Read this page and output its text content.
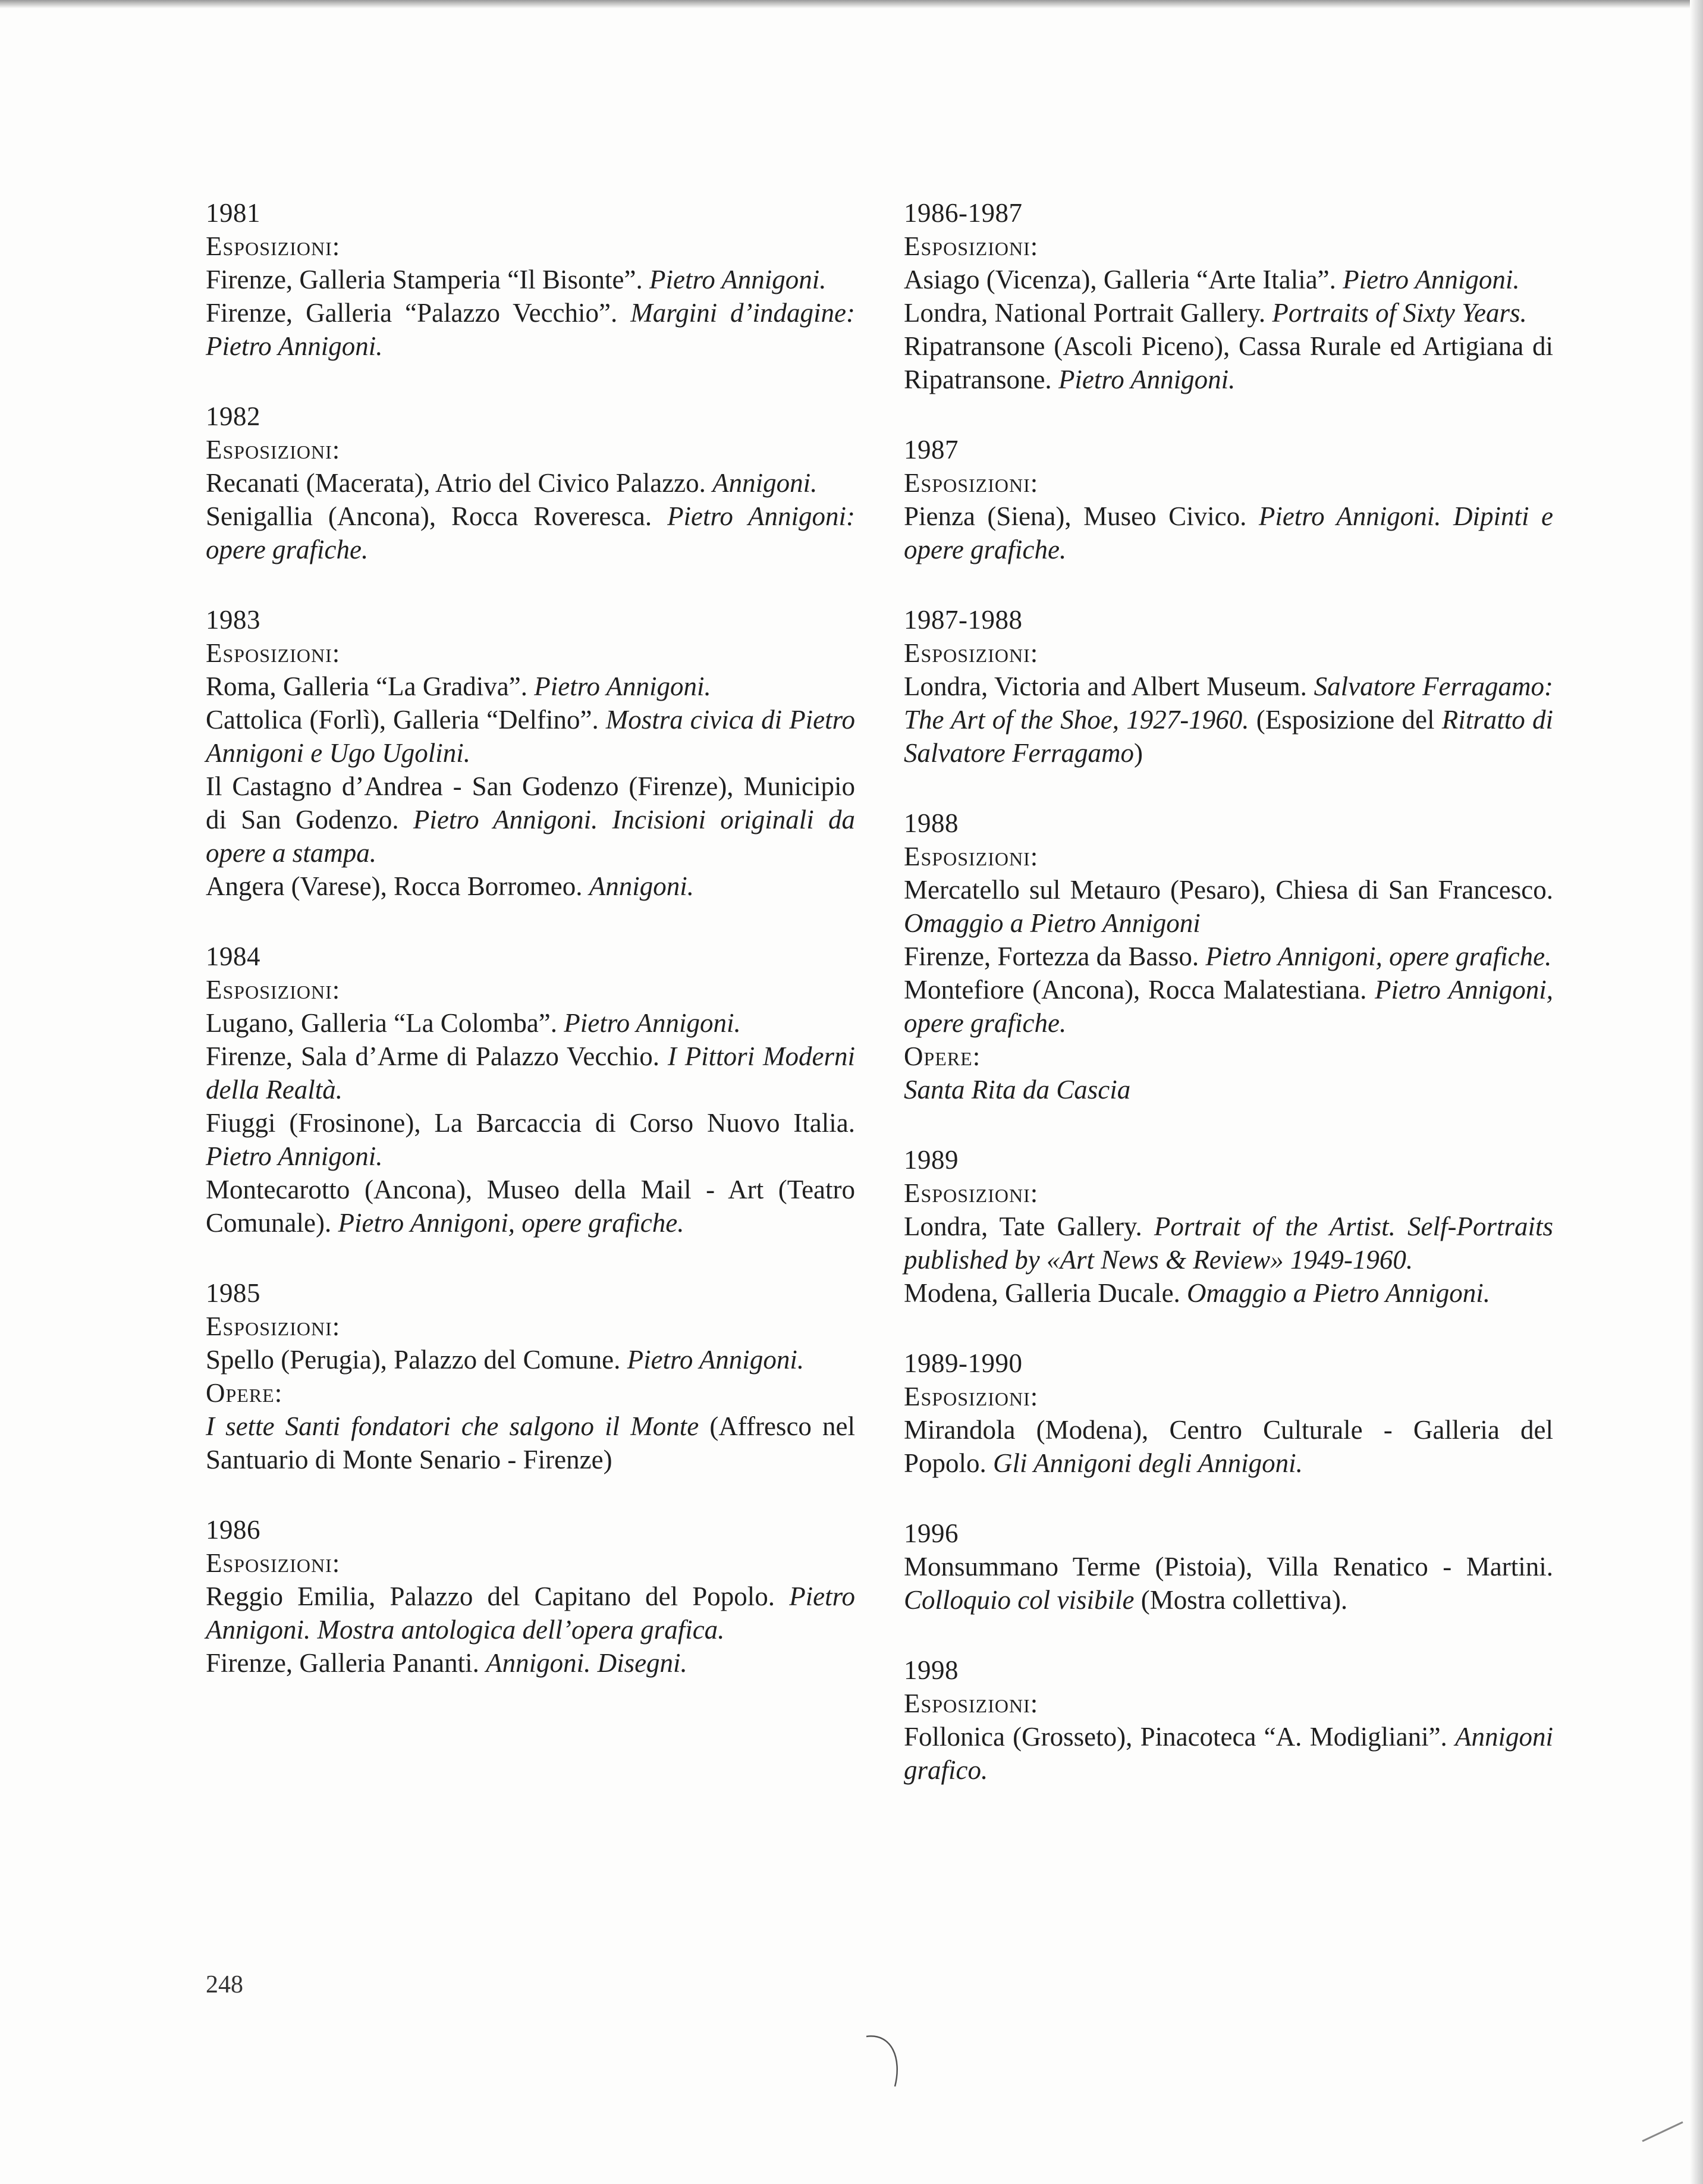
1981
Esposizioni:
Firenze, Galleria Stamperia “Il Bisonte”. Pietro Annigoni.
Firenze, Galleria “Palazzo Vecchio”. Margini d’indagine: Pietro Annigoni.
1982
Esposizioni:
Recanati (Macerata), Atrio del Civico Palazzo. Annigoni.
Senigallia (Ancona), Rocca Roveresca. Pietro Annigoni: opere grafiche.
1983
Esposizioni:
Roma, Galleria “La Gradiva”. Pietro Annigoni.
Cattolica (Forlì), Galleria “Delfino”. Mostra civica di Pietro Annigoni e Ugo Ugolini.
Il Castagno d’Andrea - San Godenzo (Firenze), Municipio di San Godenzo. Pietro Annigoni. Incisioni originali da opere a stampa.
Angera (Varese), Rocca Borromeo. Annigoni.
1984
Esposizioni:
Lugano, Galleria “La Colomba”. Pietro Annigoni.
Firenze, Sala d’Arme di Palazzo Vecchio. I Pittori Moderni della Realtà.
Fiuggi (Frosinone), La Barcaccia di Corso Nuovo Italia. Pietro Annigoni.
Montecarotto (Ancona), Museo della Mail - Art (Teatro Comunale). Pietro Annigoni, opere grafiche.
1985
Esposizioni:
Spello (Perugia), Palazzo del Comune. Pietro Annigoni.
Opere:
I sette Santi fondatori che salgono il Monte (Affresco nel Santuario di Monte Senario - Firenze)
1986
Esposizioni:
Reggio Emilia, Palazzo del Capitano del Popolo. Pietro Annigoni. Mostra antologica dell’opera grafica.
Firenze, Galleria Pananti. Annigoni. Disegni.
1986-1987
Esposizioni:
Asiago (Vicenza), Galleria “Arte Italia”. Pietro Annigoni.
Londra, National Portrait Gallery. Portraits of Sixty Years.
Ripatransone (Ascoli Piceno), Cassa Rurale ed Artigiana di Ripatransone. Pietro Annigoni.
1987
Esposizioni:
Pienza (Siena), Museo Civico. Pietro Annigoni. Dipinti e opere grafiche.
1987-1988
Esposizioni:
Londra, Victoria and Albert Museum. Salvatore Ferragamo: The Art of the Shoe, 1927-1960. (Esposizione del Ritratto di Salvatore Ferragamo)
1988
Esposizioni:
Mercatello sul Metauro (Pesaro), Chiesa di San Francesco. Omaggio a Pietro Annigoni
Firenze, Fortezza da Basso. Pietro Annigoni, opere grafiche.
Montefiore (Ancona), Rocca Malatestiana. Pietro Annigoni, opere grafiche.
Opere:
Santa Rita da Cascia
1989
Esposizioni:
Londra, Tate Gallery. Portrait of the Artist. Self-Portraits published by «Art News & Review» 1949-1960.
Modena, Galleria Ducale. Omaggio a Pietro Annigoni.
1989-1990
Esposizioni:
Mirandola (Modena), Centro Culturale - Galleria del Popolo. Gli Annigoni degli Annigoni.
1996
Monsummano Terme (Pistoia), Villa Renatico - Martini. Colloquio col visibile (Mostra collettiva).
1998
Esposizioni:
Follonica (Grosseto), Pinacoteca “A. Modigliani”. Annigoni grafico.
248
